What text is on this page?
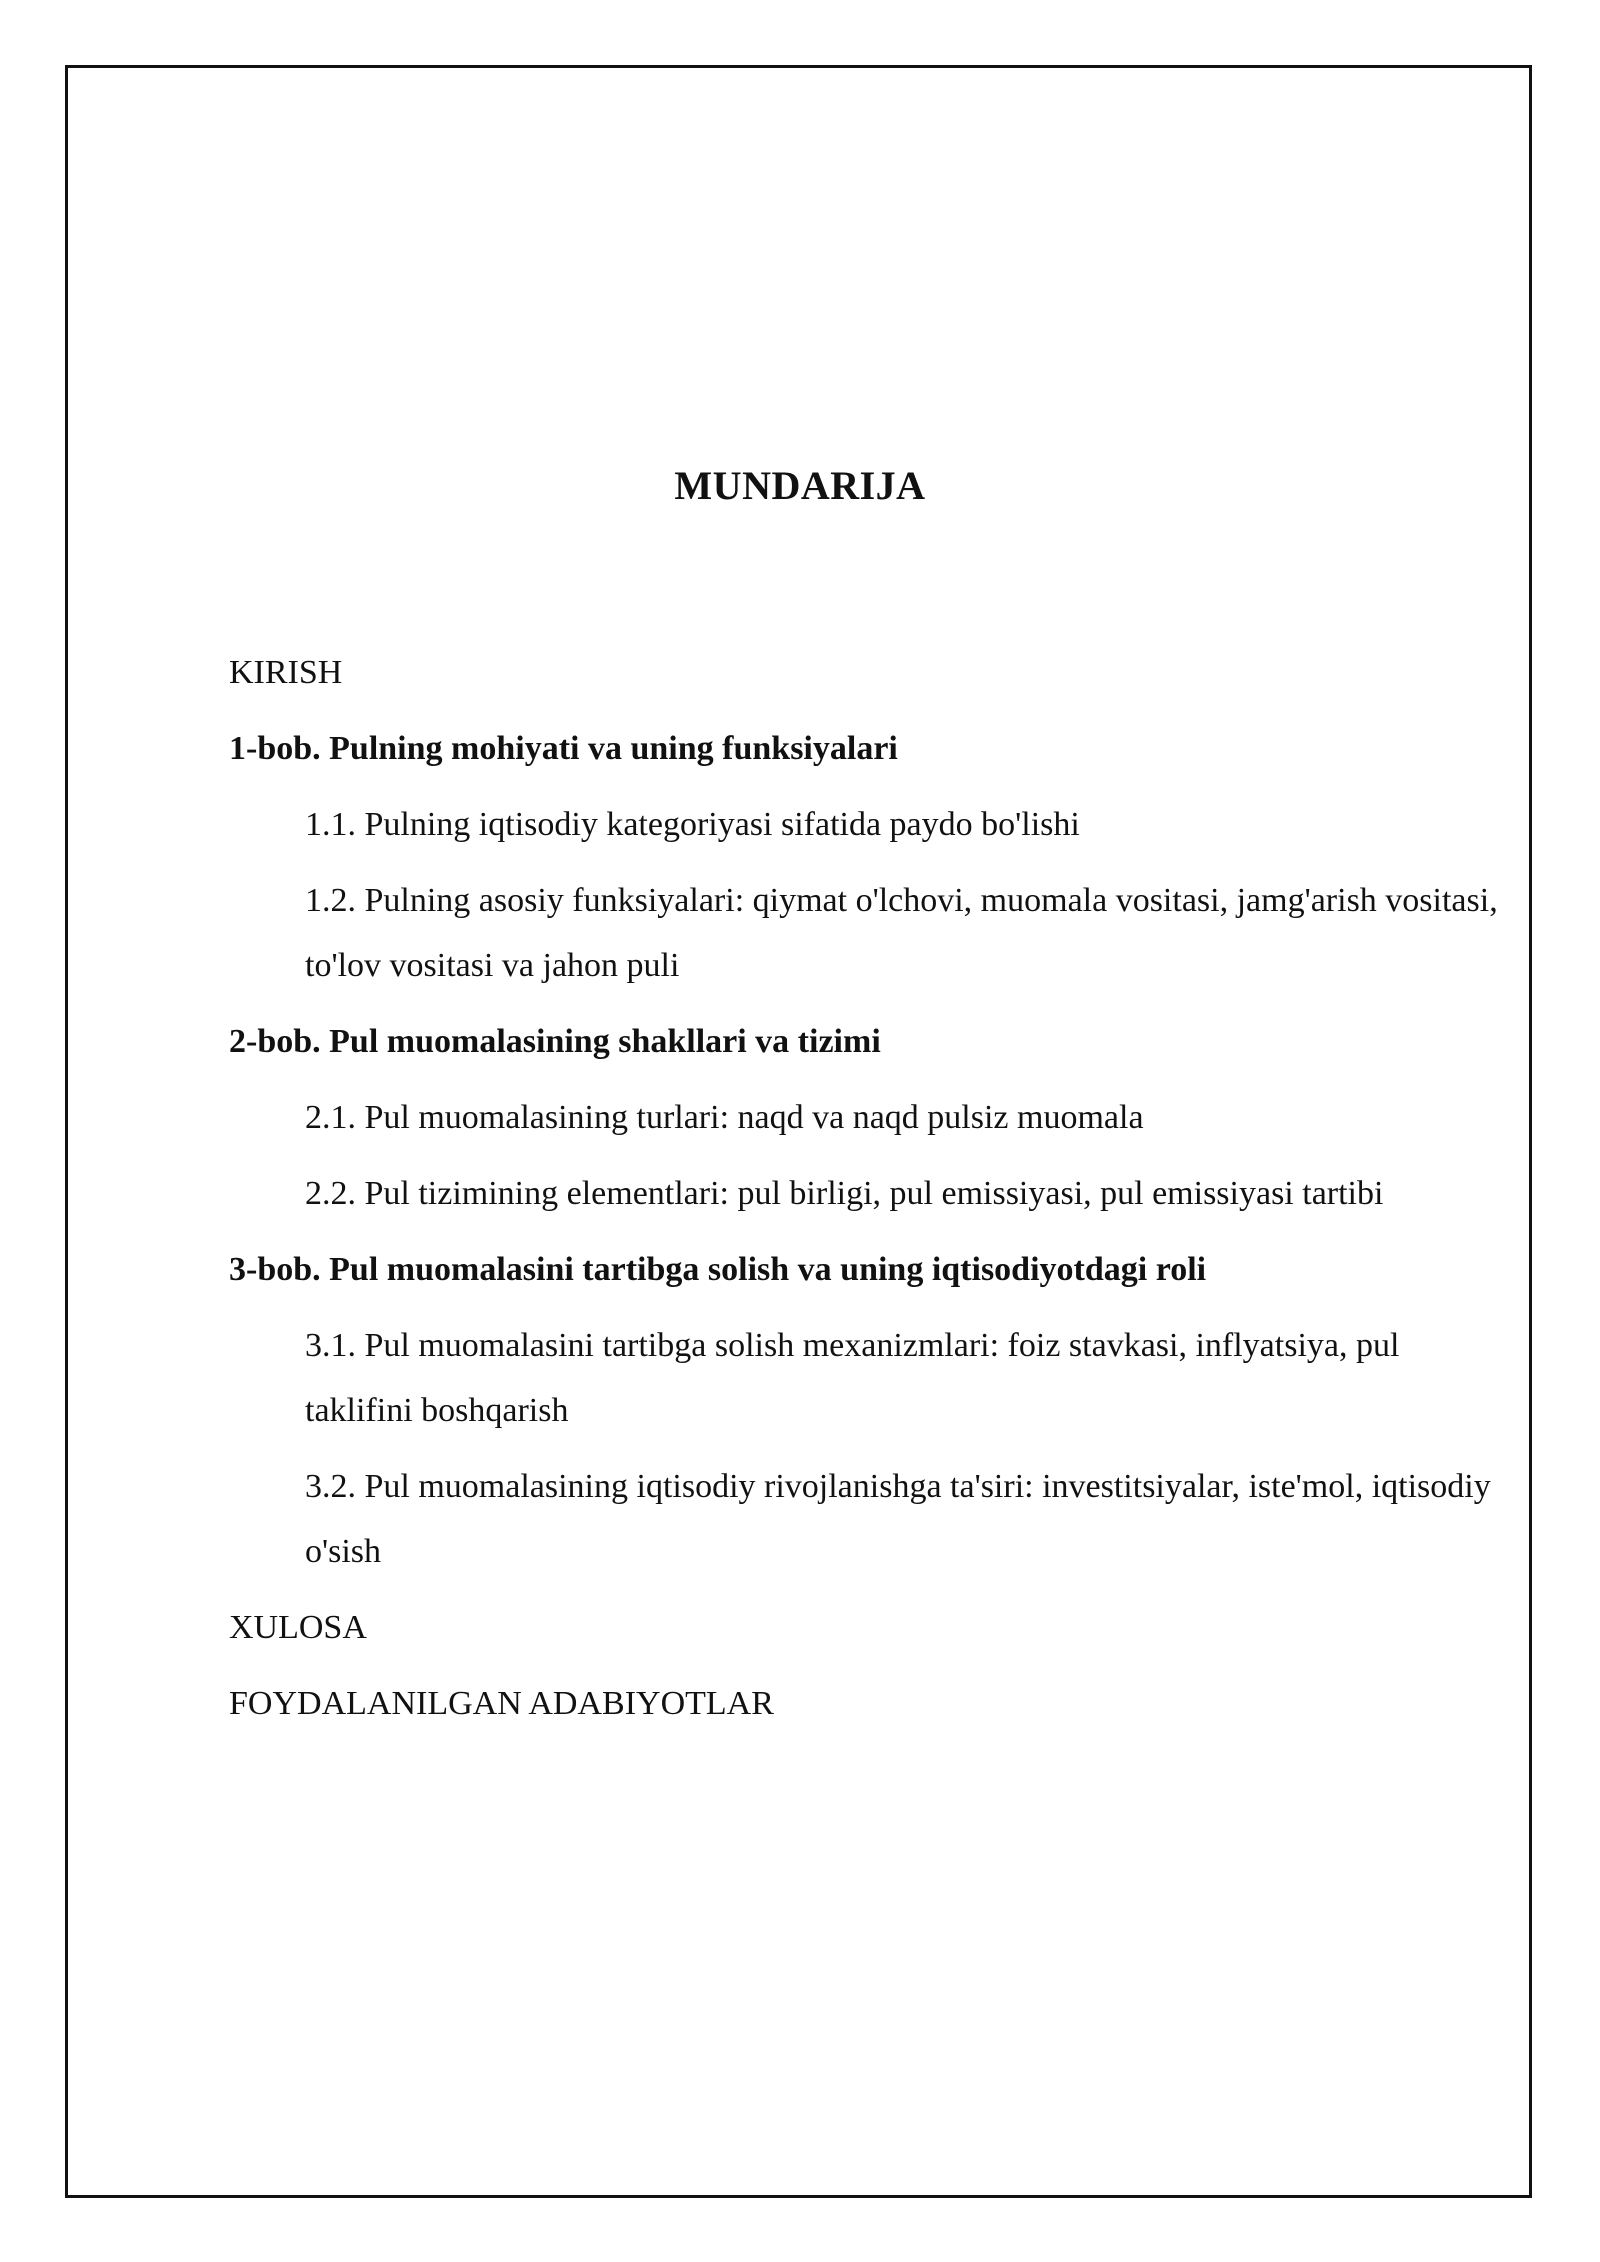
MUNDARIJA
KIRISH
1-bob. Pulning mohiyati va uning funksiyalari
1.1. Pulning iqtisodiy kategoriyasi sifatida paydo bo'lishi
1.2. Pulning asosiy funksiyalari: qiymat o'lchovi, muomala vositasi, jamg'arish vositasi, to'lov vositasi va jahon puli
2-bob. Pul muomalasining shakllari va tizimi
2.1. Pul muomalasining turlari: naqd va naqd pulsiz muomala
2.2. Pul tizimining elementlari: pul birligi, pul emissiyasi, pul emissiyasi tartibi
3-bob. Pul muomalasini tartibga solish va uning iqtisodiyotdagi roli
3.1. Pul muomalasini tartibga solish mexanizmlari: foiz stavkasi, inflyatsiya, pul taklifini boshqarish
3.2. Pul muomalasining iqtisodiy rivojlanishga ta'siri: investitsiyalar, iste'mol, iqtisodiy o'sish
XULOSA
FOYDALANILGAN ADABIYOTLAR
